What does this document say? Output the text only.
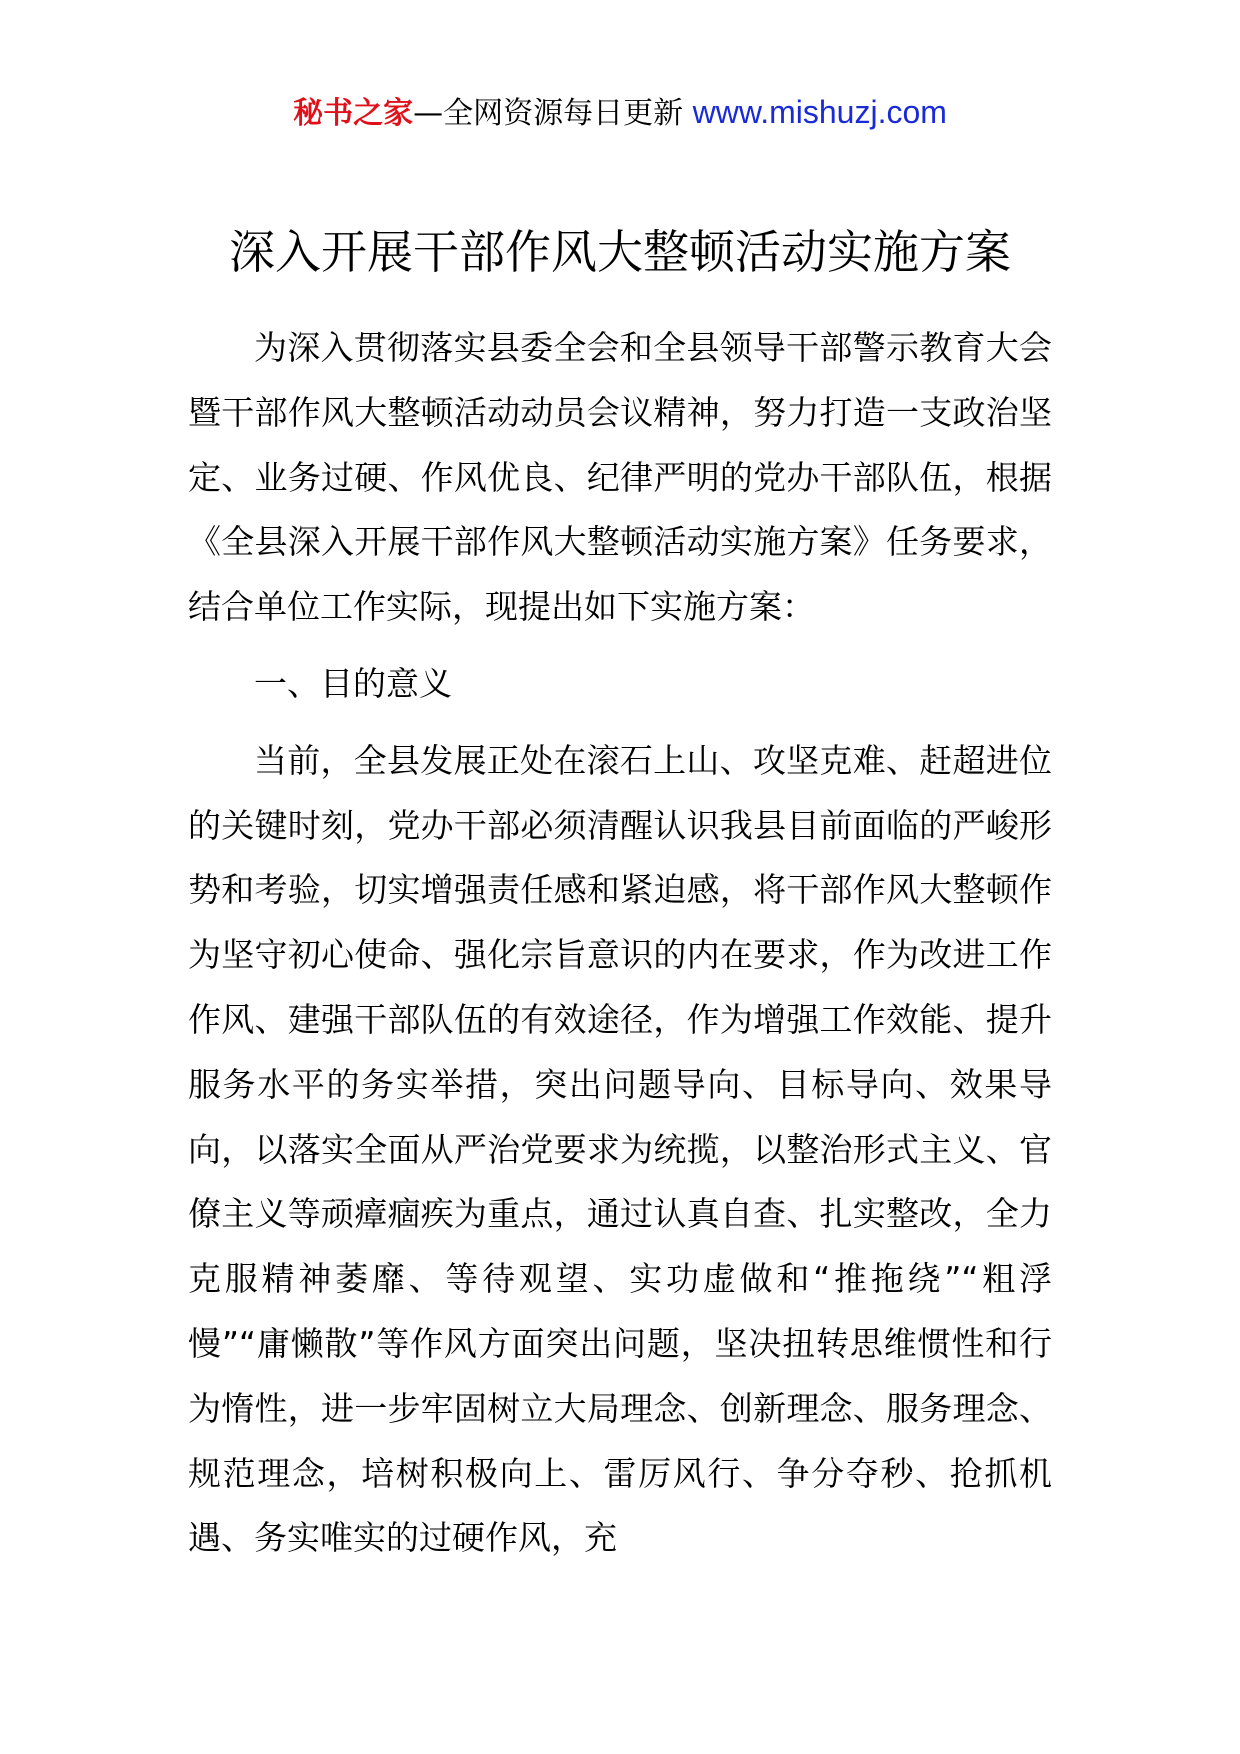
秘书之家—全网资源每日更新 www.mishuzj.com
深入开展干部作风大整顿活动实施方案

为深入贯彻落实县委全会和全县领导干部警示教育大会暨干部作风大整顿活动动员会议精神，努力打造一支政治坚定、业务过硬、作风优良、纪律严明的党办干部队伍，根据《全县深入开展干部作风大整顿活动实施方案》任务要求，结合单位工作实际，现提出如下实施方案：

一、目的意义

当前，全县发展正处在滚石上山、攻坚克难、赶超进位的关键时刻，党办干部必须清醒认识我县目前面临的严峻形势和考验，切实增强责任感和紧迫感，将干部作风大整顿作为坚守初心使命、强化宗旨意识的内在要求，作为改进工作作风、建强干部队伍的有效途径，作为增强工作效能、提升服务水平的务实举措，突出问题导向、目标导向、效果导向，以落实全面从严治党要求为统揽，以整治形式主义、官僚主义等顽瘴痼疾为重点，通过认真自查、扎实整改，全力克服精神萎靡、等待观望、实功虚做和“推拖绕”“粗浮慢”“庸懒散”等作风方面突出问题，坚决扭转思维惯性和行为惰性，进一步牢固树立大局理念、创新理念、服务理念、规范理念，培树积极向上、雷厉风行、争分夺秒、抢抓机遇、务实唯实的过硬作风，充
